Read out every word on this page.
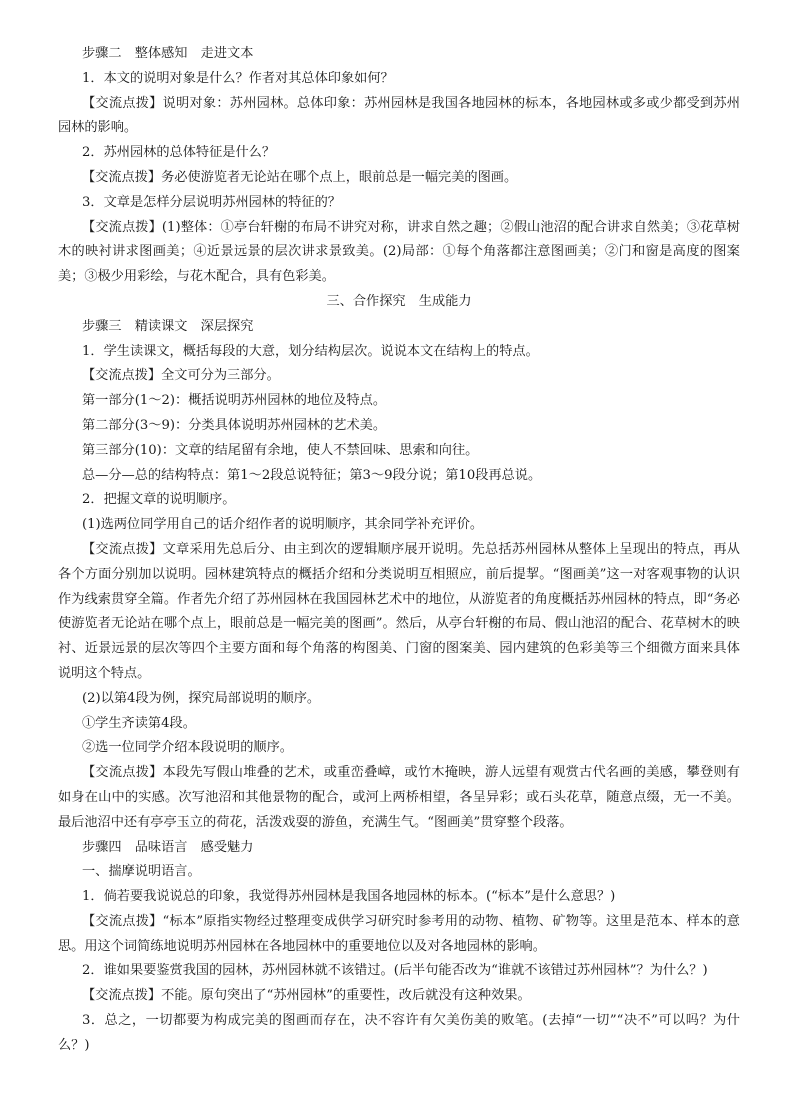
步骤二　整体感知　走进文本

1．本文的说明对象是什么？作者对其总体印象如何？

【交流点拨】说明对象：苏州园林。总体印象：苏州园林是我国各地园林的标本，各地园林或多或少都受到苏州园林的影响。

2．苏州园林的总体特征是什么？

【交流点拨】务必使游览者无论站在哪个点上，眼前总是一幅完美的图画。

3．文章是怎样分层说明苏州园林的特征的？

【交流点拨】(1)整体：①亭台轩榭的布局不讲究对称，讲求自然之趣；②假山池沼的配合讲求自然美；③花草树木的映衬讲求图画美；④近景远景的层次讲求景致美。(2)局部：①每个角落都注意图画美；②门和窗是高度的图案美；③极少用彩绘，与花木配合，具有色彩美。

三、合作探究　生成能力

步骤三　精读课文　深层探究

1．学生读课文，概括每段的大意，划分结构层次。说说本文在结构上的特点。

【交流点拨】全文可分为三部分。

第一部分(1～2)：概括说明苏州园林的地位及特点。

第二部分(3～9)：分类具体说明苏州园林的艺术美。

第三部分(10)：文章的结尾留有余地，使人不禁回味、思索和向往。

总—分—总的结构特点：第1～2段总说特征；第3～9段分说；第10段再总说。

2．把握文章的说明顺序。

(1)选两位同学用自己的话介绍作者的说明顺序，其余同学补充评价。

【交流点拨】文章采用先总后分、由主到次的逻辑顺序展开说明。先总括苏州园林从整体上呈现出的特点，再从各个方面分别加以说明。园林建筑特点的概括介绍和分类说明互相照应，前后提挈。“图画美”这一对客观事物的认识作为线索贯穿全篇。作者先介绍了苏州园林在我国园林艺术中的地位，从游览者的角度概括苏州园林的特点，即“务必使游览者无论站在哪个点上，眼前总是一幅完美的图画”。然后，从亭台轩榭的布局、假山池沼的配合、花草树木的映衬、近景远景的层次等四个主要方面和每个角落的构图美、门窗的图案美、园内建筑的色彩美等三个细微方面来具体说明这个特点。

(2)以第4段为例，探究局部说明的顺序。

①学生齐读第4段。

②选一位同学介绍本段说明的顺序。

【交流点拨】本段先写假山堆叠的艺术，或重峦叠嶂，或竹木掩映，游人远望有观赏古代名画的美感，攀登则有如身在山中的实感。次写池沼和其他景物的配合，或河上两桥相望，各呈异彩；或石头花草，随意点缀，无一不美。最后池沼中还有亭亭玉立的荷花，活泼戏耍的游鱼，充满生气。“图画美”贯穿整个段落。

步骤四　品味语言　感受魅力

一、揣摩说明语言。

1．倘若要我说说总的印象，我觉得苏州园林是我国各地园林的标本。(“标本”是什么意思？)

【交流点拨】“标本”原指实物经过整理变成供学习研究时参考用的动物、植物、矿物等。这里是范本、样本的意思。用这个词简练地说明苏州园林在各地园林中的重要地位以及对各地园林的影响。

2．谁如果要鉴赏我国的园林，苏州园林就不该错过。(后半句能否改为“谁就不该错过苏州园林”？为什么？)

【交流点拨】不能。原句突出了“苏州园林”的重要性，改后就没有这种效果。

3．总之，一切都要为构成完美的图画而存在，决不容许有欠美伤美的败笔。(去掉“一切”“决不”可以吗？为什么？)
